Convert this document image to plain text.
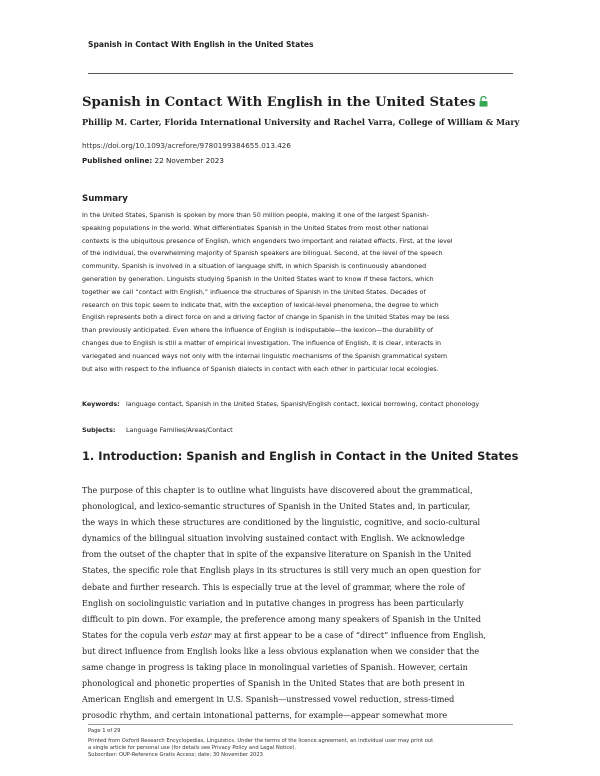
Spanish in Contact With English in the United States
Spanish in Contact With English in the United States
Phillip M. Carter, Florida International University and Rachel Varra, College of William & Mary
https://doi.org/10.1093/acrefore/9780199384655.013.426
Published online: 22 November 2023
Summary
In the United States, Spanish is spoken by more than 50 million people, making it one of the largest Spanish-
speaking populations in the world. What differentiates Spanish in the United States from most other national
contexts is the ubiquitous presence of English, which engenders two important and related effects. First, at the level
of the individual, the overwhelming majority of Spanish speakers are bilingual. Second, at the level of the speech
community, Spanish is involved in a situation of language shift, in which Spanish is continuously abandoned
generation by generation. Linguists studying Spanish in the United States want to know if these factors, which
together we call “contact with English,” influence the structures of Spanish in the United States. Decades of
research on this topic seem to indicate that, with the exception of lexical-level phenomena, the degree to which
English represents both a direct force on and a driving factor of change in Spanish in the United States may be less
than previously anticipated. Even where the influence of English is indisputable—the lexicon—the durability of
changes due to English is still a matter of empirical investigation. The influence of English, it is clear, interacts in
variegated and nuanced ways not only with the internal linguistic mechanisms of the Spanish grammatical system
but also with respect to the influence of Spanish dialects in contact with each other in particular local ecologies.
Keywords: language contact, Spanish in the United States, Spanish/English contact, lexical borrowing, contact phonology
Subjects: Language Families/Areas/Contact
1. Introduction: Spanish and English in Contact in the United States
The purpose of this chapter is to outline what linguists have discovered about the grammatical,
phonological, and lexico-semantic structures of Spanish in the United States and, in particular,
the ways in which these structures are conditioned by the linguistic, cognitive, and socio-cultural
dynamics of the bilingual situation involving sustained contact with English. We acknowledge
from the outset of the chapter that in spite of the expansive literature on Spanish in the United
States, the specific role that English plays in its structures is still very much an open question for
debate and further research. This is especially true at the level of grammar, where the role of
English on sociolinguistic variation and in putative changes in progress has been particularly
difficult to pin down. For example, the preference among many speakers of Spanish in the United
States for the copula verb estar may at first appear to be a case of “direct” influence from English,
but direct influence from English looks like a less obvious explanation when we consider that the
same change in progress is taking place in monolingual varieties of Spanish. However, certain
phonological and phonetic properties of Spanish in the United States that are both present in
American English and emergent in U.S. Spanish—unstressed vowel reduction, stress-timed
prosodic rhythm, and certain intonational patterns, for example—appear somewhat more
Page 1 of 29
Printed from Oxford Research Encyclopedias, Linguistics. Under the terms of the licence agreement, an individual user may print out
a single article for personal use (for details see Privacy Policy and Legal Notice).
Subscriber: OUP-Reference Gratis Access; date: 30 November 2023
